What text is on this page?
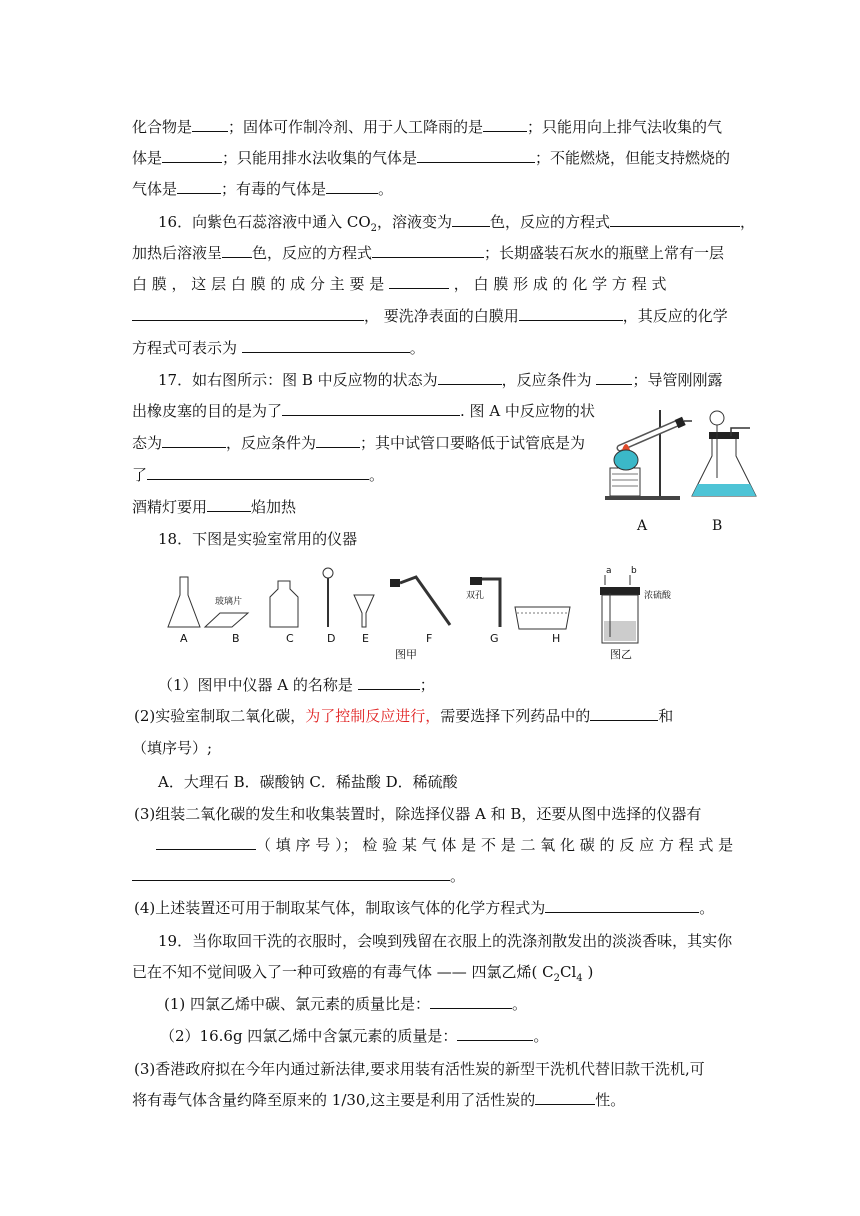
化合物是 ；固体可作制冷剂、用于人工降雨的是	；只能用向上排气法收集的气
体是	；只能用排水法收集的气体是	；不能燃烧，但能支持燃烧的
气体是	；有毒的气体是	。
16．向紫色石蕊溶液中通入 $CO_2$，溶液变为	色，反应的方程式	，
加热后溶液呈 色，反应的方程式	；长期盛装石灰水的瓶壁上常有一层
白 膜 ， 这 层 白 膜 的 成 分 主 要 是	， 白 膜 形 成 的 化 学 方 程 式
， 要洗净表面的白膜用	，其反应的化学
方程式可表示为	。
17．如右图所示：图 B 中反应物的状态为	，反应条件为	；导管刚刚露
出橡皮塞的目的是为了	. 图 A 中反应物的状
态为	，反应条件为	；其中试管口要略低于试管底是为
了	。
酒精灯要用	焰加热
A	B
18．下图是实验室常用的仪器
A	B	C	D E	F	G	H
玻璃片
双孔	浓硫酸
a b
图甲	图乙
（1）图甲中仪器 A 的名称是	；
(2)实验室制取二氧化碳，为了控制反应进行，需要选择下列药品中的	和
（填序号）;
A．大理石 B．碳酸钠 C．稀盐酸 D．稀硫酸
(3)组装二氧化碳的发生和收集装置时，除选择仪器 A 和 B，还要从图中选择的仪器有
（ 填 序 号 ）； 检 验 某 气 体 是 不 是 二 氧 化 碳 的 反 应 方 程 式 是
。
(4)上述装置还可用于制取某气体，制取该气体的化学方程式为	。
19．当你取回干洗的衣服时，会嗅到残留在衣服上的洗涤剂散发出的淡淡香味，其实你
已在不知不觉间吸入了一种可致癌的有毒气体 —— 四氯乙烯( $C_2Cl_4$ )
(1) 四氯乙烯中碳、氯元素的质量比是：	。
（2）16.6g 四氯乙烯中含氯元素的质量是：	。
(3)香港政府拟在今年内通过新法律,要求用装有活性炭的新型干洗机代替旧款干洗机,可
将有毒气体含量约降至原来的 1/30,这主要是利用了活性炭的	性。
